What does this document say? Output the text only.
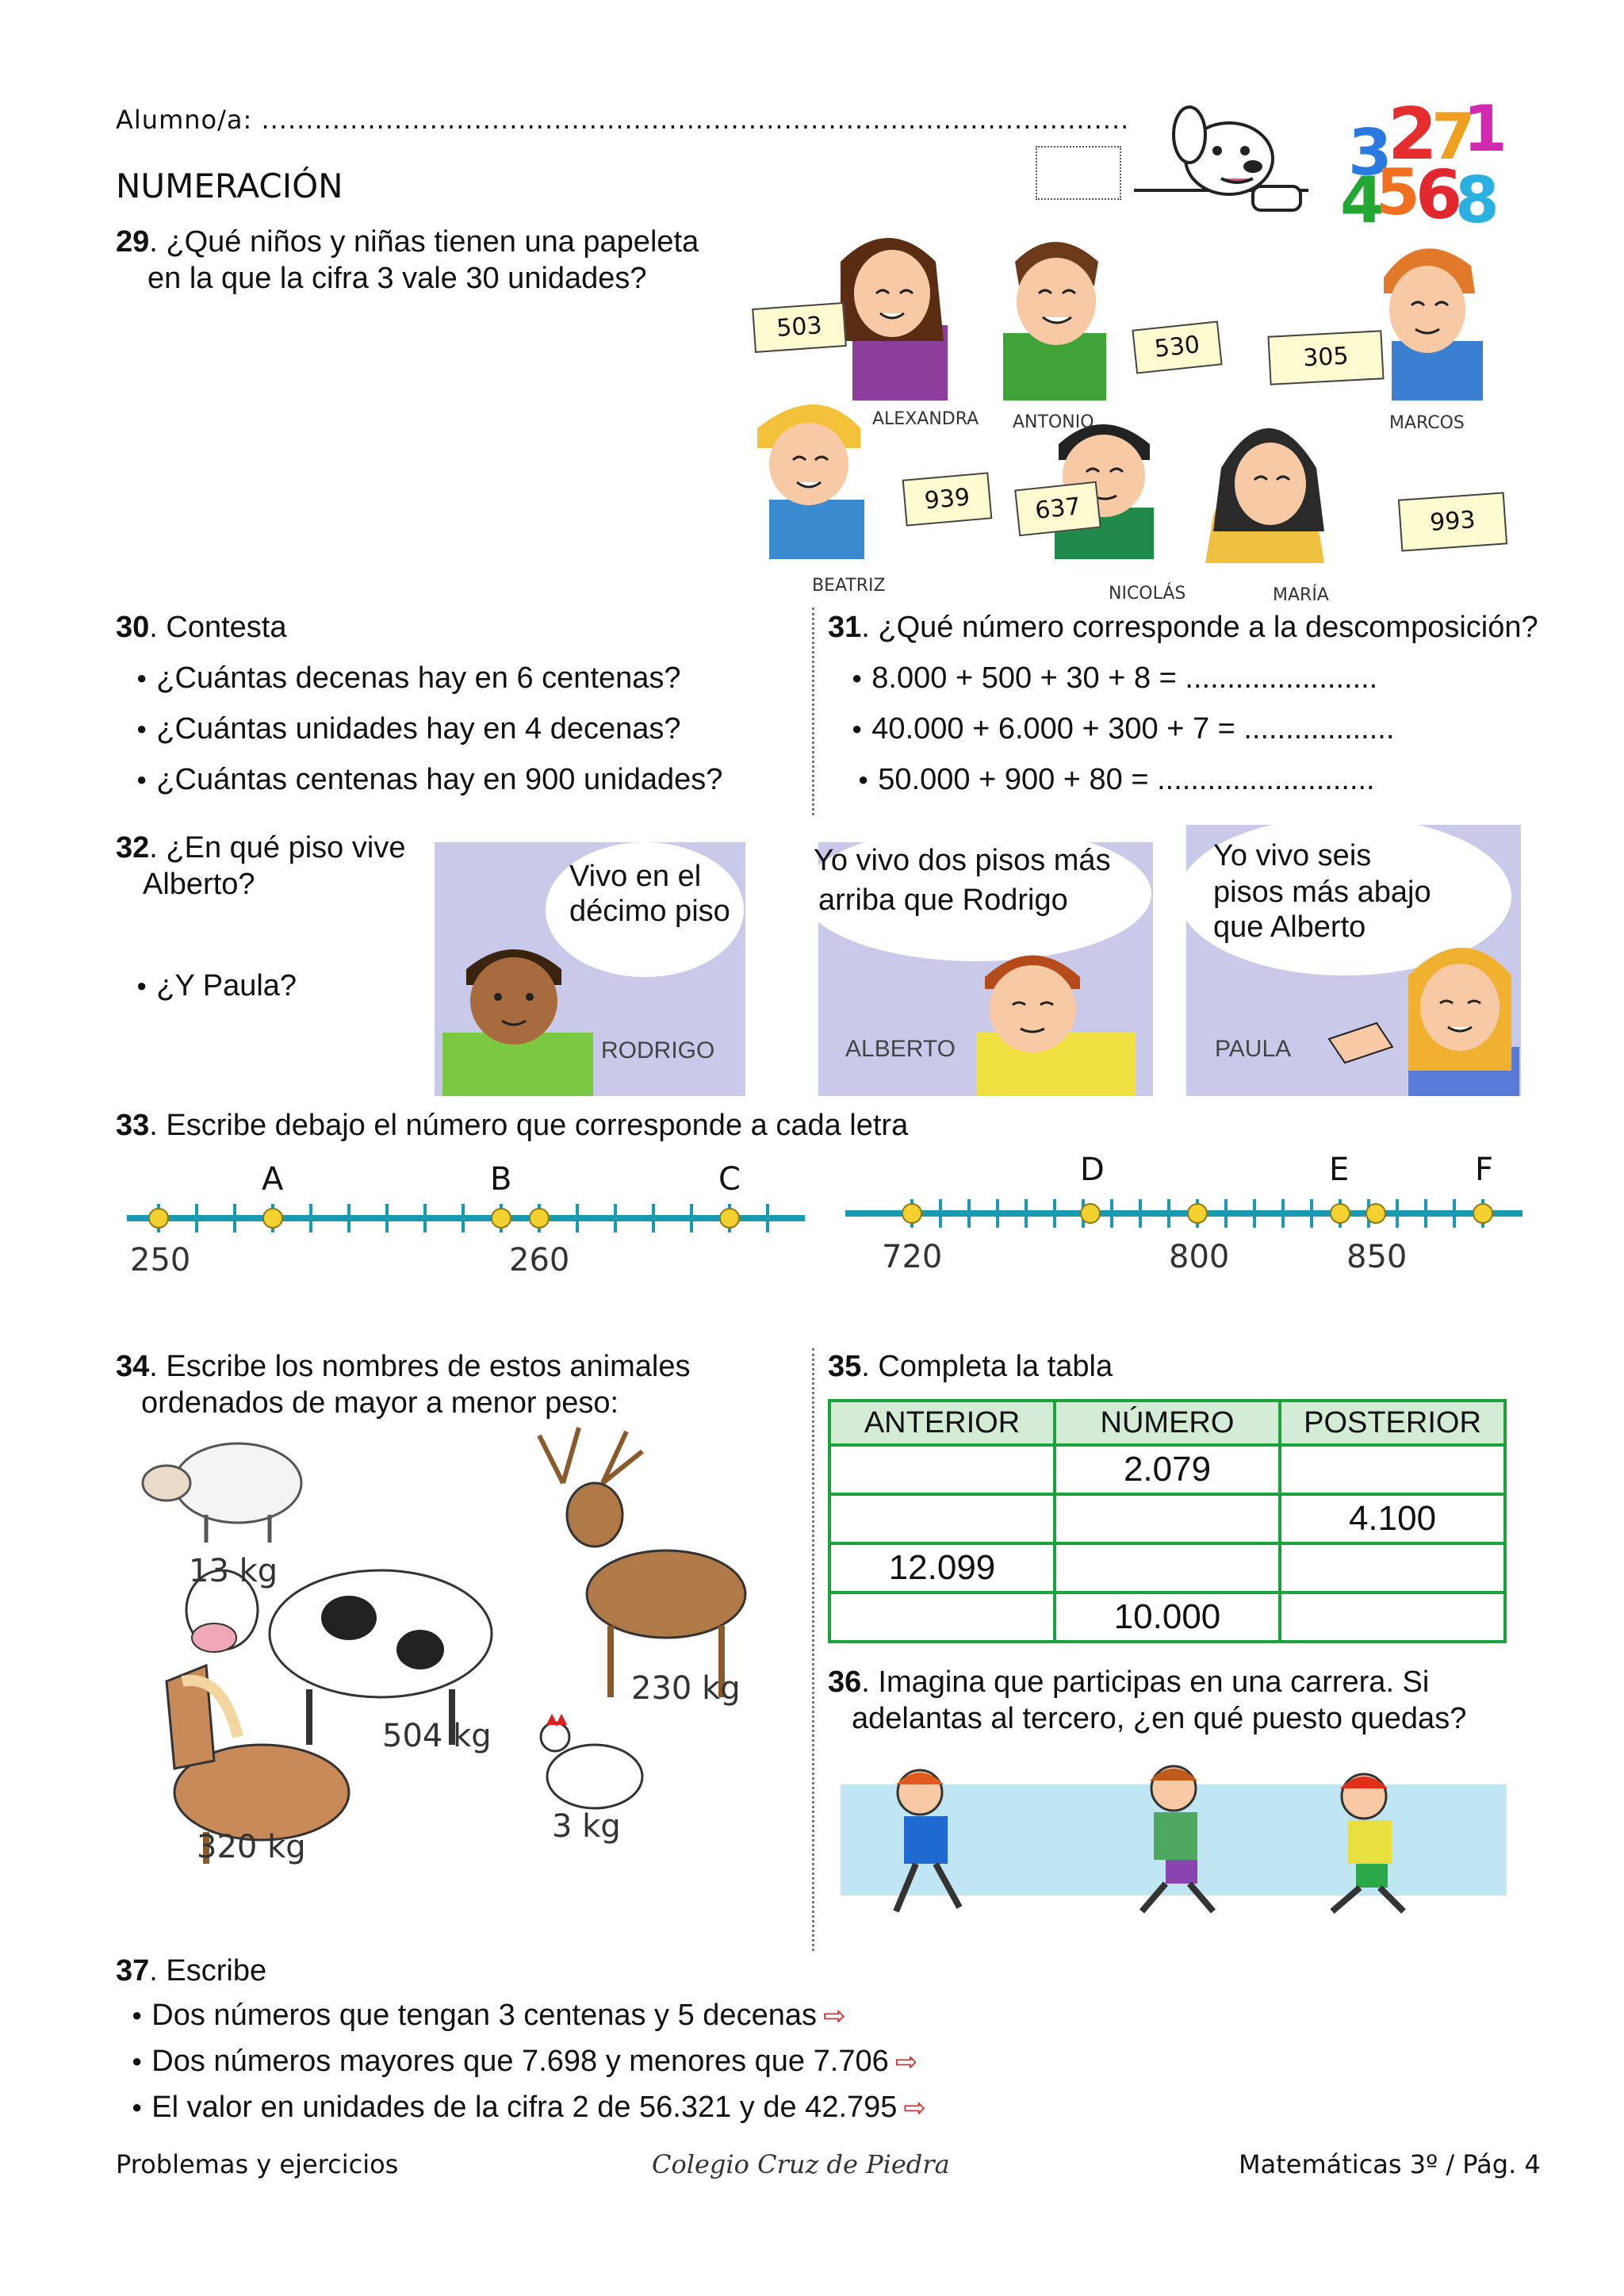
Alumno/a: ..................................................................................................
NUMERACIÓN	3
2
7
1
4
5
6
8
29. ¿Qué niños y niñas tienen una papeleta
en la que la cifra 3 vale 30 unidades?
503
530	305
939	637	993
ALEXANDRA ANTONIO	MARCOS
BEATRIZ	NICOLÁS	MARÍA
30. Contesta
● ¿Cuántas decenas hay en 6 centenas?
● ¿Cuántas unidades hay en 4 decenas?
● ¿Cuántas centenas hay en 900 unidades?
31. ¿Qué número corresponde a la descomposición?
● 8.000 + 500 + 30 + 8 = .......................
● 40.000 + 6.000 + 300 + 7 = ..................
● 50.000 + 900 + 80 = ..........................
32. ¿En qué piso vive
Alberto?
● ¿Y Paula?
Vivo en el
décimo piso
RODRIGO
Yo vivo dos pisos más
arriba que Rodrigo
ALBERTO
Yo vivo seis
pisos más abajo
que Alberto
PAULA
33. Escribe debajo el número que corresponde a cada letra
A	B	C
250	260
D	E	F
720	800	850
34. Escribe los nombres de estos animales
ordenados de mayor a menor peso:
13 kg
504 kg
230 kg
320 kg
3 kg
35. Completa la tabla
ANTERIOR	NÚMERO	POSTERIOR
	2.079	
		4.100
12.099		
	10.000	
36. Imagina que participas en una carrera. Si
adelantas al tercero, ¿en qué puesto quedas?
37. Escribe
● Dos números que tengan 3 centenas y 5 decenas ⇨
● Dos números mayores que 7.698 y menores que 7.706 ⇨
● El valor en unidades de la cifra 2 de 56.321 y de 42.795 ⇨
Problemas y ejercicios	Colegio Cruz de Piedra	Matemáticas 3º / Pág. 4
